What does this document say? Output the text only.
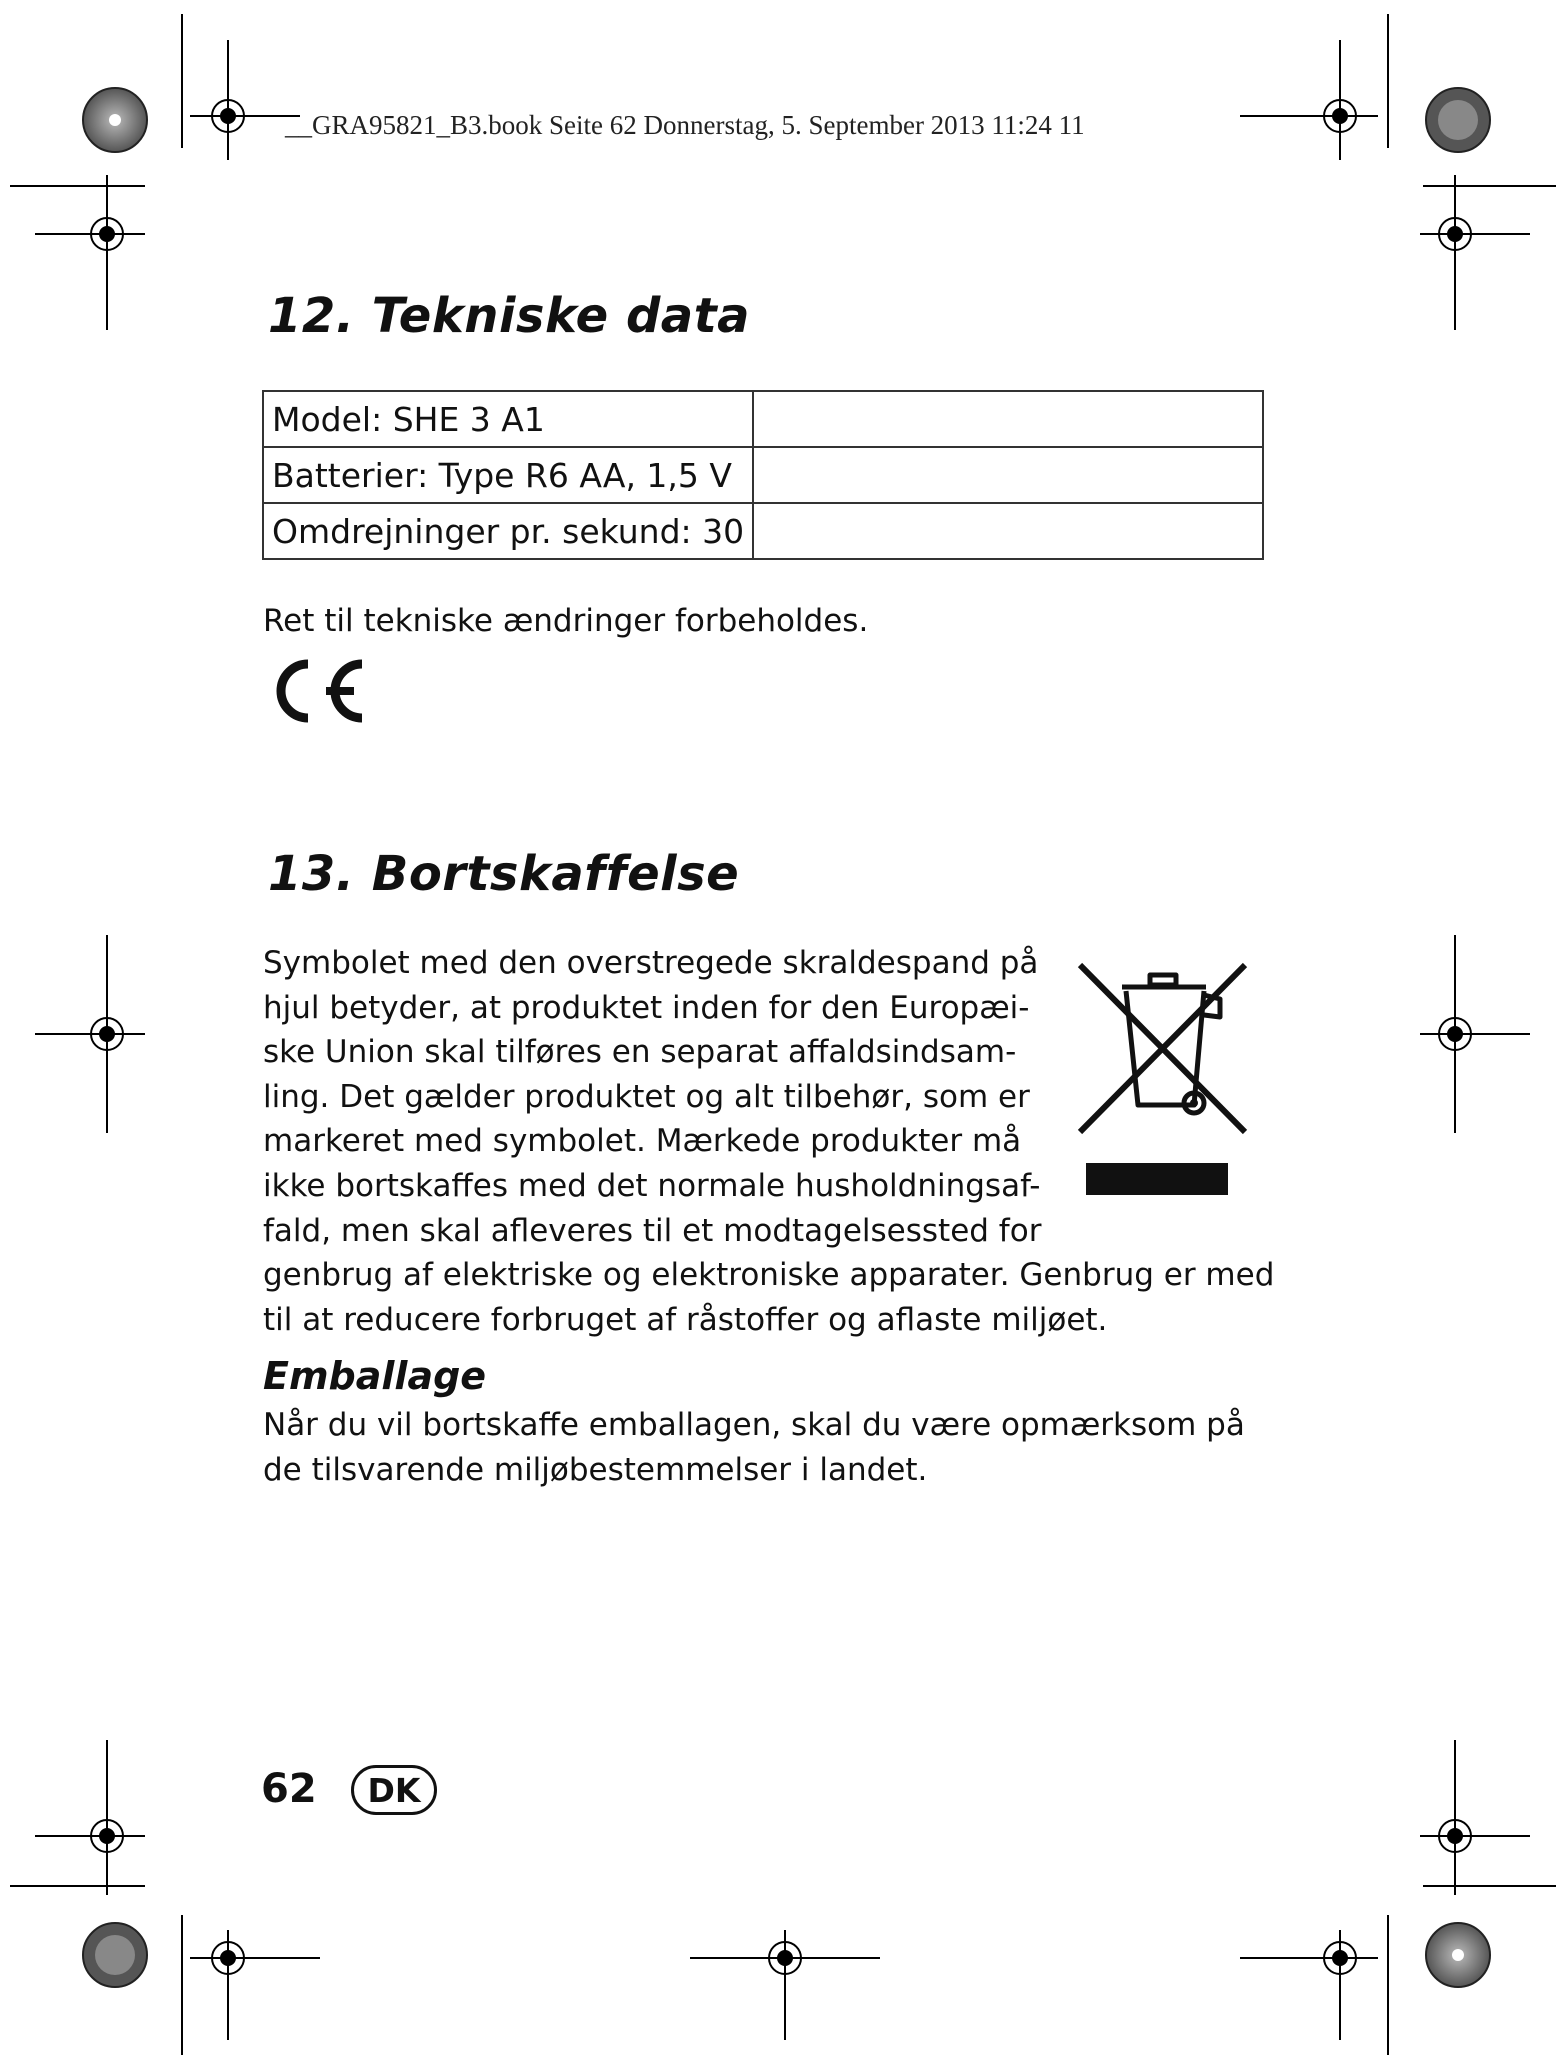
__GRA95821_B3.book Seite 62 Donnerstag, 5. September 2013 11:24 11
12. Tekniske data
Model: SHE 3 A1	
Batterier: Type R6 AA, 1,5 V	
Omdrejninger pr. sekund: 30	
Ret til tekniske ændringer forbeholdes.
13. Bortskaffelse
Symbolet med den overstregede skraldespand på
hjul betyder, at produktet inden for den Europæi-
ske Union skal tilføres en separat affaldsindsam-
ling. Det gælder produktet og alt tilbehør, som er
markeret med symbolet. Mærkede produkter må
ikke bortskaffes med det normale husholdningsaf-
fald, men skal afleveres til et modtagelsessted for
genbrug af elektriske og elektroniske apparater. Genbrug er med
til at reducere forbruget af råstoffer og aflaste miljøet.
Emballage
Når du vil bortskaffe emballagen, skal du være opmærksom på
de tilsvarende miljøbestemmelser i landet.
62	DK
